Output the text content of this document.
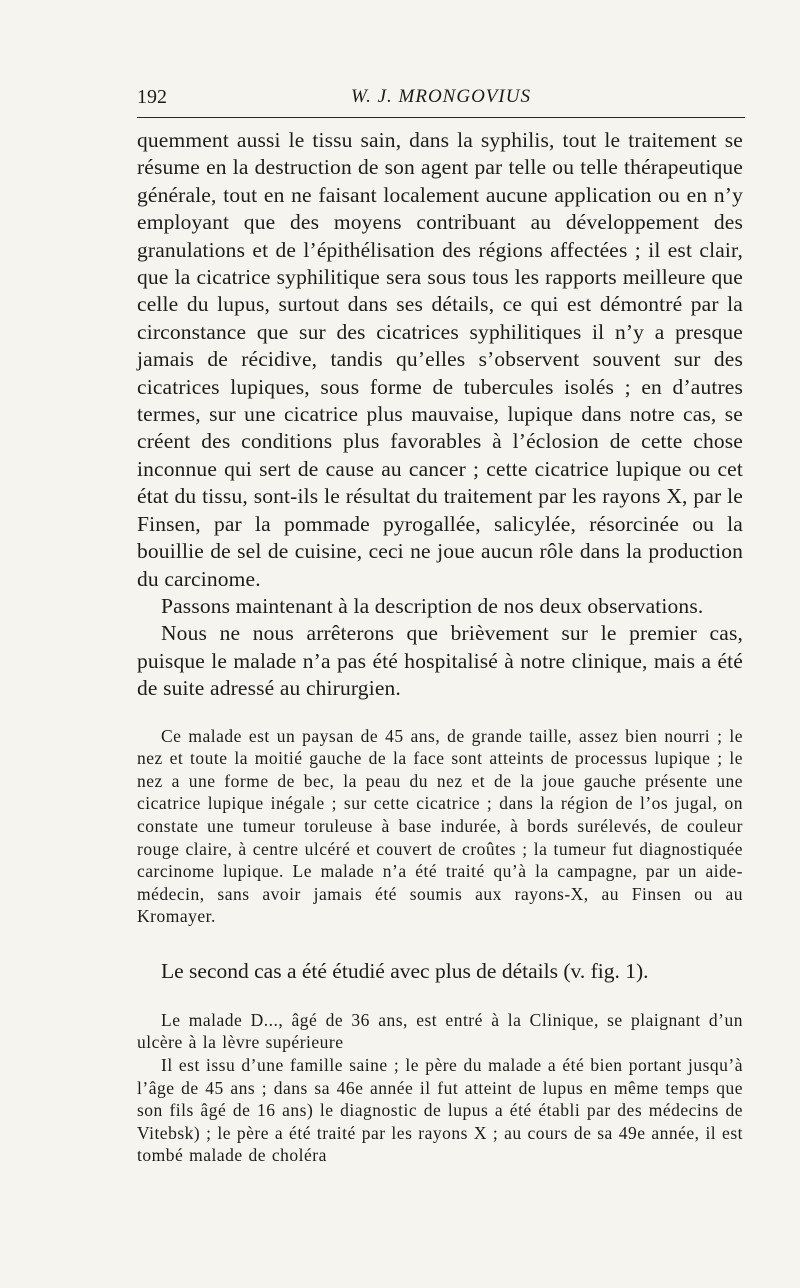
192	W. J. MRONGOVIUS

quemment aussi le tissu sain, dans la syphilis, tout le traitement se résume en la destruction de son agent par telle ou telle thérapeutique générale, tout en ne faisant localement aucune application ou en n’y employant que des moyens contribuant au développement des granulations et de l’épithélisation des régions affectées ; il est clair, que la cicatrice syphilitique sera sous tous les rapports meilleure que celle du lupus, surtout dans ses détails, ce qui est démontré par la circonstance que sur des cicatrices syphilitiques il n’y a presque jamais de récidive, tandis qu’elles s’observent souvent sur des cicatrices lupiques, sous forme de tubercules isolés ; en d’autres termes, sur une cicatrice plus mauvaise, lupique dans notre cas, se créent des conditions plus favorables à l’éclosion de cette chose inconnue qui sert de cause au cancer ; cette cicatrice lupique ou cet état du tissu, sont-ils le résultat du traitement par les rayons X, par le Finsen, par la pommade pyrogallée, salicylée, résorcinée ou la bouillie de sel de cuisine, ceci ne joue aucun rôle dans la production du carcinome.

Passons maintenant à la description de nos deux observations.

Nous ne nous arrêterons que brièvement sur le premier cas, puisque le malade n’a pas été hospitalisé à notre clinique, mais a été de suite adressé au chirurgien.

Ce malade est un paysan de 45 ans, de grande taille, assez bien nourri ; le nez et toute la moitié gauche de la face sont atteints de processus lupique ; le nez a une forme de bec, la peau du nez et de la joue gauche présente une cicatrice lupique inégale ; sur cette cicatrice ; dans la région de l’os jugal, on constate une tumeur toruleuse à base indurée, à bords surélevés, de couleur rouge claire, à centre ulcéré et couvert de croûtes ; la tumeur fut diagnostiquée carcinome lupique. Le malade n’a été traité qu’à la campagne, par un aide-médecin, sans avoir jamais été soumis aux rayons-X, au Finsen ou au Kromayer.

Le second cas a été étudié avec plus de détails (v. fig. 1).

Le malade D..., âgé de 36 ans, est entré à la Clinique, se plaignant d’un ulcère à la lèvre supérieure

Il est issu d’une famille saine ; le père du malade a été bien portant jusqu’à l’âge de 45 ans ; dans sa 46e année il fut atteint de lupus en même temps que son fils âgé de 16 ans) le diagnostic de lupus a été établi par des médecins de Vitebsk) ; le père a été traité par les rayons X ; au cours de sa 49e année, il est tombé malade de choléra
